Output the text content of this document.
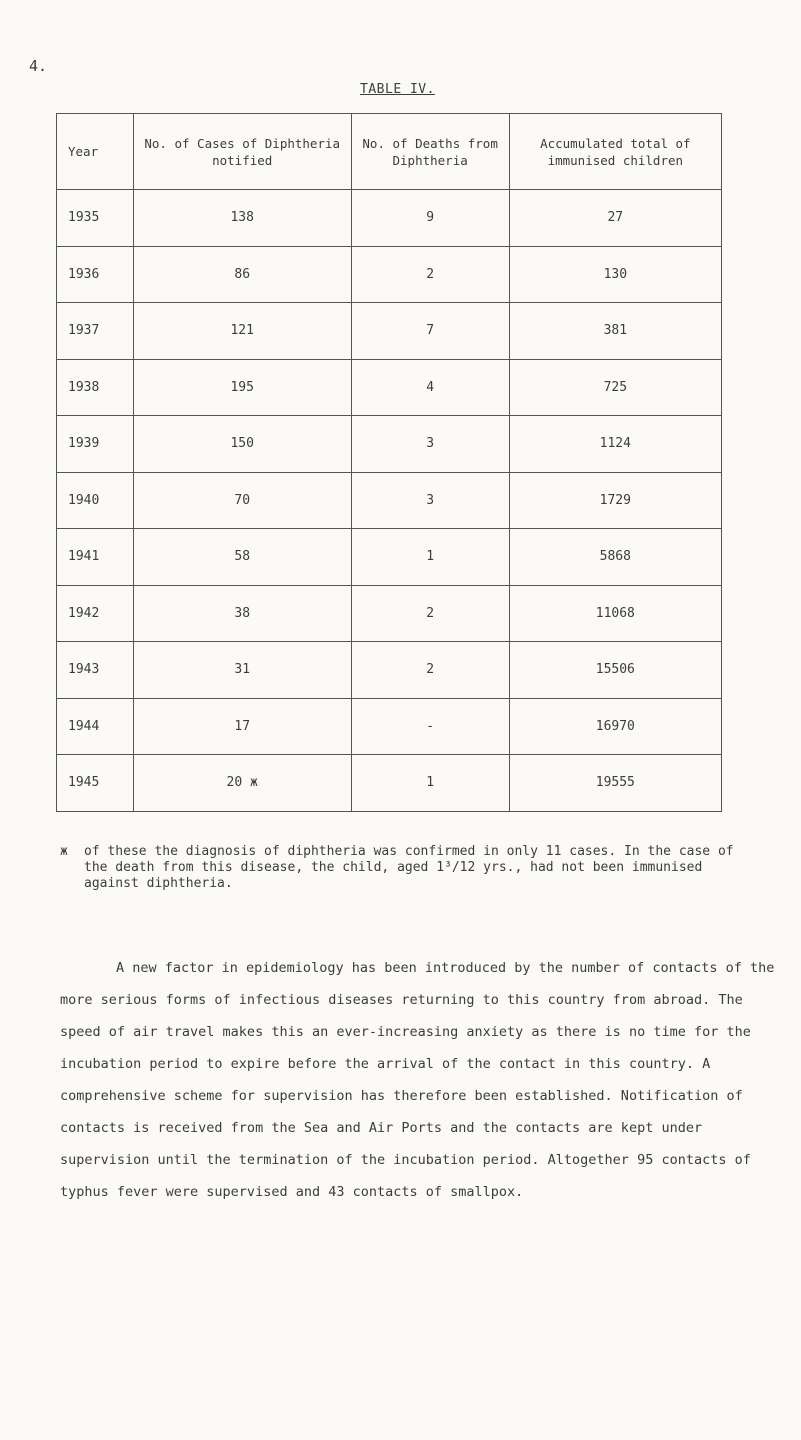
4.
TABLE IV.
Year	No. of Cases of Diphtheria notified	No. of Deaths from Diphtheria	Accumulated total of immunised children
1935	138	9	27
1936	86	2	130
1937	121	7	381
1938	195	4	725
1939	150	3	1124
1940	70	3	1729
1941	58	1	5868
1942	38	2	11068
1943	31	2	15506
1944	17	-	16970
1945	20 ж	1	19555
ж	of these the diagnosis of diphtheria was confirmed in only 11 cases. In the case of the death from this disease, the child, aged 1³/12 yrs., had not been immunised against diphtheria.

A new factor in epidemiology has been introduced by the number of contacts of the more serious forms of infectious diseases returning to this country from abroad. The speed of air travel makes this an ever-increasing anxiety as there is no time for the incubation period to expire before the arrival of the contact in this country. A comprehensive scheme for supervision has therefore been established. Notification of contacts is received from the Sea and Air Ports and the contacts are kept under supervision until the termination of the incubation period. Altogether 95 contacts of typhus fever were supervised and 43 contacts of smallpox.
